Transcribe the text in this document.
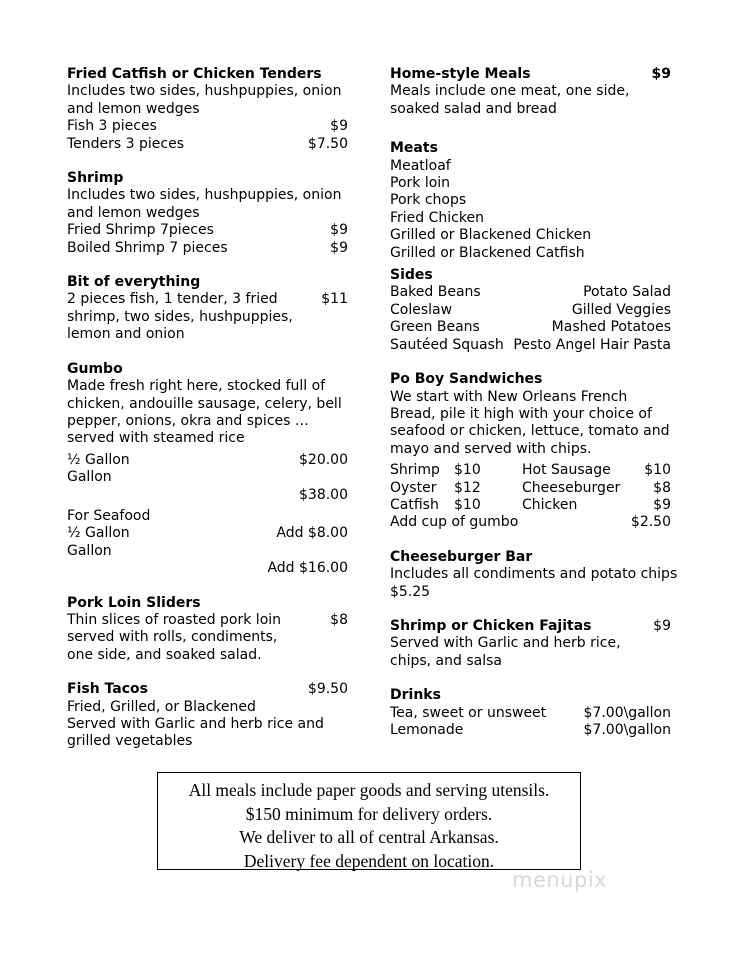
Fried Catfish or Chicken Tenders
Includes two sides, hushpuppies, onion and lemon wedges
Fish 3 pieces	$9
Tenders 3 pieces	$7.50
Shrimp
Includes two sides, hushpuppies, onion and lemon wedges
Fried Shrimp 7pieces	$9
Boiled Shrimp 7 pieces	$9
Bit of everything
2 pieces fish, 1 tender, 3 fried shrimp, two sides, hushpuppies, lemon and onion
$11
Gumbo
Made fresh right here, stocked full of chicken, andouille sausage, celery, bell pepper, onions, okra and spices … served with steamed rice
½ Gallon	$20.00
Gallon
$38.00
For Seafood
½ Gallon	Add $8.00
Gallon
Add $16.00
Pork Loin Sliders
Thin slices of roasted pork loin served with rolls, condiments, one side, and soaked salad.
$8
Fish Tacos	$9.50
Fried, Grilled, or Blackened
Served with Garlic and herb rice and grilled vegetables
Home-style Meals	$9
Meals include one meat, one side, soaked salad and bread
Meats
Meatloaf
Pork loin
Pork chops
Fried Chicken
Grilled or Blackened Chicken
Grilled or Blackened Catfish
Sides
Baked Beans	Potato Salad
Coleslaw	Gilled Veggies
Green Beans	Mashed Potatoes
Sautéed Squash Pesto Angel Hair Pasta
Po Boy Sandwiches
We start with New Orleans French Bread, pile it high with your choice of seafood or chicken, lettuce, tomato and mayo and served with chips.
Shrimp	$10	Hot Sausage	$10
Oyster	$12	Cheeseburger	$8
Catfish	$10	Chicken	$9
Add cup of gumbo	$2.50
Cheeseburger Bar
Includes all condiments and potato chips
$5.25
Shrimp or Chicken Fajitas	$9
Served with Garlic and herb rice, chips, and salsa
Drinks
Tea, sweet or unsweet	$7.00\gallon
Lemonade	$7.00\gallon
All meals include paper goods and serving utensils.
$150 minimum for delivery orders.
We deliver to all of central Arkansas.
Delivery fee dependent on location.
menupix
